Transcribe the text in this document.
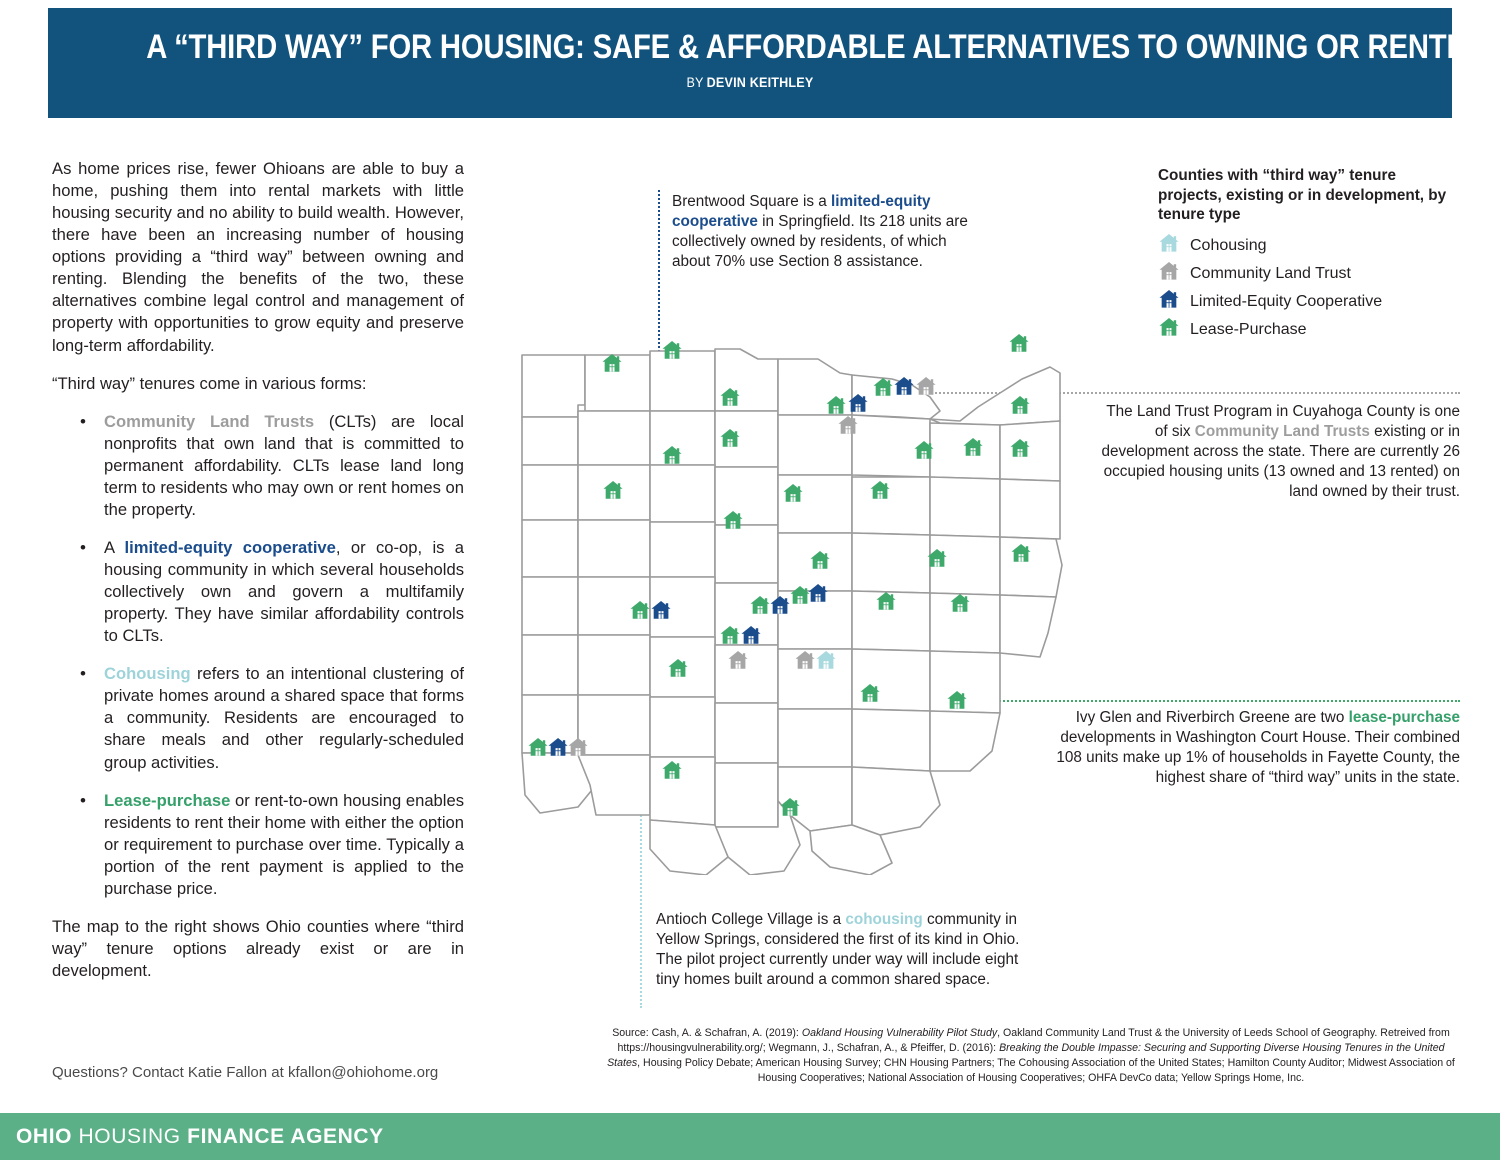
A “THIRD WAY” FOR HOUSING: SAFE & AFFORDABLE ALTERNATIVES TO OWNING OR RENTING
BY DEVIN KEITHLEY

As home prices rise, fewer Ohioans are able to buy a home, pushing them into rental markets with little housing security and no ability to build wealth. However, there have been an increasing number of housing options providing a “third way” between owning and renting. Blending the benefits of the two, these alternatives combine legal control and management of property with opportunities to grow equity and preserve long-term affordability.

“Third way” tenures come in various forms:

• Community Land Trusts (CLTs) are local nonprofits that own land that is committed to permanent affordability. CLTs lease land long term to residents who may own or rent homes on the property.
• A limited-equity cooperative, or co-op, is a housing community in which several households collectively own and govern a multifamily property. They have similar affordability controls to CLTs.
• Cohousing refers to an intentional clustering of private homes around a shared space that forms a community. Residents are encouraged to share meals and other regularly-scheduled group activities.
• Lease-purchase or rent-to-own housing enables residents to rent their home with either the option or requirement to purchase over time. Typically a portion of the rent payment is applied to the purchase price.

The map to the right shows Ohio counties where “third way” tenure options already exist or are in development.

Questions? Contact Katie Fallon at kfallon@ohiohome.org
Counties with “third way” tenure projects, existing or in development, by tenure type
Cohousing
Community Land Trust
Limited-Equity Cooperative
Lease-Purchase
Brentwood Square is a limited-equity cooperative in Springfield. Its 218 units are collectively owned by residents, of which about 70% use Section 8 assistance.
The Land Trust Program in Cuyahoga County is one of six Community Land Trusts existing or in development across the state. There are currently 26 occupied housing units (13 owned and 13 rented) on land owned by their trust.
Ivy Glen and Riverbirch Greene are two lease-purchase developments in Washington Court House. Their combined 108 units make up 1% of households in Fayette County, the highest share of “third way” units in the state.
Antioch College Village is a cohousing community in Yellow Springs, considered the first of its kind in Ohio. The pilot project currently under way will include eight tiny homes built around a common shared space.
Source: Cash, A. & Schafran, A. (2019): Oakland Housing Vulnerability Pilot Study, Oakland Community Land Trust & the University of Leeds School of Geography. Retreived from https://housingvulnerability.org/; Wegmann, J., Schafran, A., & Pfeiffer, D. (2016): Breaking the Double Impasse: Securing and Supporting Diverse Housing Tenures in the United States, Housing Policy Debate; American Housing Survey; CHN Housing Partners; The Cohousing Association of the United States; Hamilton County Auditor; Midwest Association of Housing Cooperatives; National Association of Housing Cooperatives; OHFA DevCo data; Yellow Springs Home, Inc.
OHIO HOUSING FINANCE AGENCY
